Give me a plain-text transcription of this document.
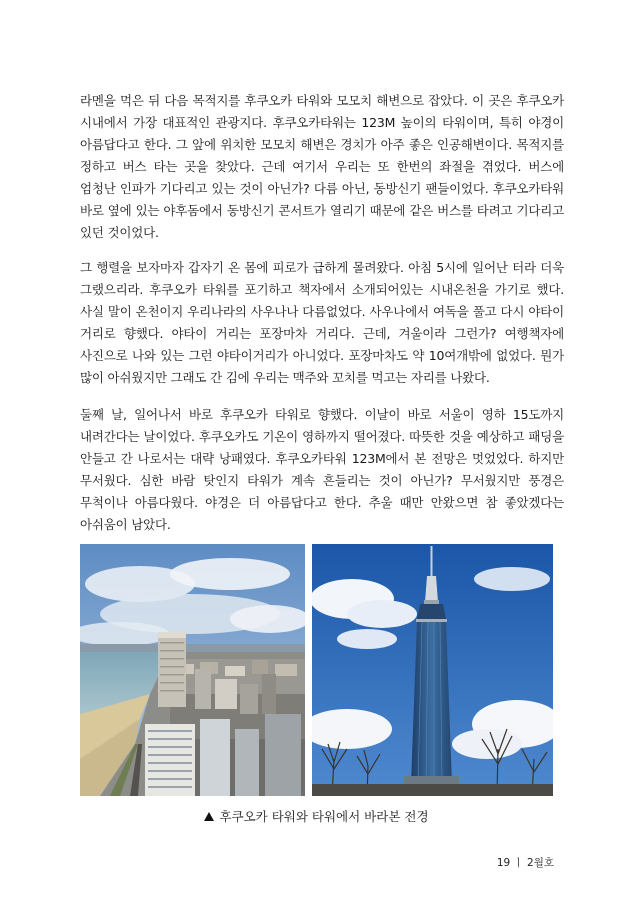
라멘을 먹은 뒤 다음 목적지를 후쿠오카 타워와 모모치 해변으로 잡았다. 이 곳은 후쿠오카 시내에서 가장 대표적인 관광지다. 후쿠오카타워는 123M 높이의 타워이며, 특히 야경이 아름답다고 한다. 그 앞에 위치한 모모치 해변은 경치가 아주 좋은 인공해변이다. 목적지를 정하고 버스 타는 곳을 찾았다. 근데 여기서 우리는 또 한번의 좌절을 겪었다. 버스에 엄청난 인파가 기다리고 있는 것이 아닌가? 다름 아닌, 동방신기 팬들이었다. 후쿠오카타워 바로 옆에 있는 야후돔에서 동방신기 콘서트가 열리기 때문에 같은 버스를 타려고 기다리고 있던 것이었다.

그 행렬을 보자마자 갑자기 온 몸에 피로가 급하게 몰려왔다. 아침 5시에 일어난 터라 더욱 그랬으리라. 후쿠오카 타워를 포기하고 책자에서 소개되어있는 시내온천을 가기로 했다. 사실 말이 온천이지 우리나라의 사우나나 다름없었다. 사우나에서 여독을 풀고 다시 야타이 거리로 향했다. 야타이 거리는 포장마차 거리다. 근데, 겨울이라 그런가? 여행책자에 사진으로 나와 있는 그런 야타이거리가 아니었다. 포장마차도 약 10여개밖에 없었다. 뭔가 많이 아쉬웠지만 그래도 간 김에 우리는 맥주와 꼬치를 먹고는 자리를 나왔다.

둘째 날, 일어나서 바로 후쿠오카 타워로 향했다. 이날이 바로 서울이 영하 15도까지 내려간다는 날이었다. 후쿠오카도 기온이 영하까지 떨어졌다. 따뜻한 것을 예상하고 패딩을 안들고 간 나로서는 대략 낭패였다. 후쿠오카타워 123M에서 본 전망은 멋었었다. 하지만 무서웠다. 심한 바람 탓인지 타워가 계속 흔들리는 것이 아닌가? 무서웠지만 풍경은 무척이나 아름다웠다. 야경은 더 아름답다고 한다. 추울 때만 안왔으면 참 좋았겠다는 아쉬움이 남았다.

후쿠오카 타워와 타워에서 바라본 전경
19 ㅣ 2월호
